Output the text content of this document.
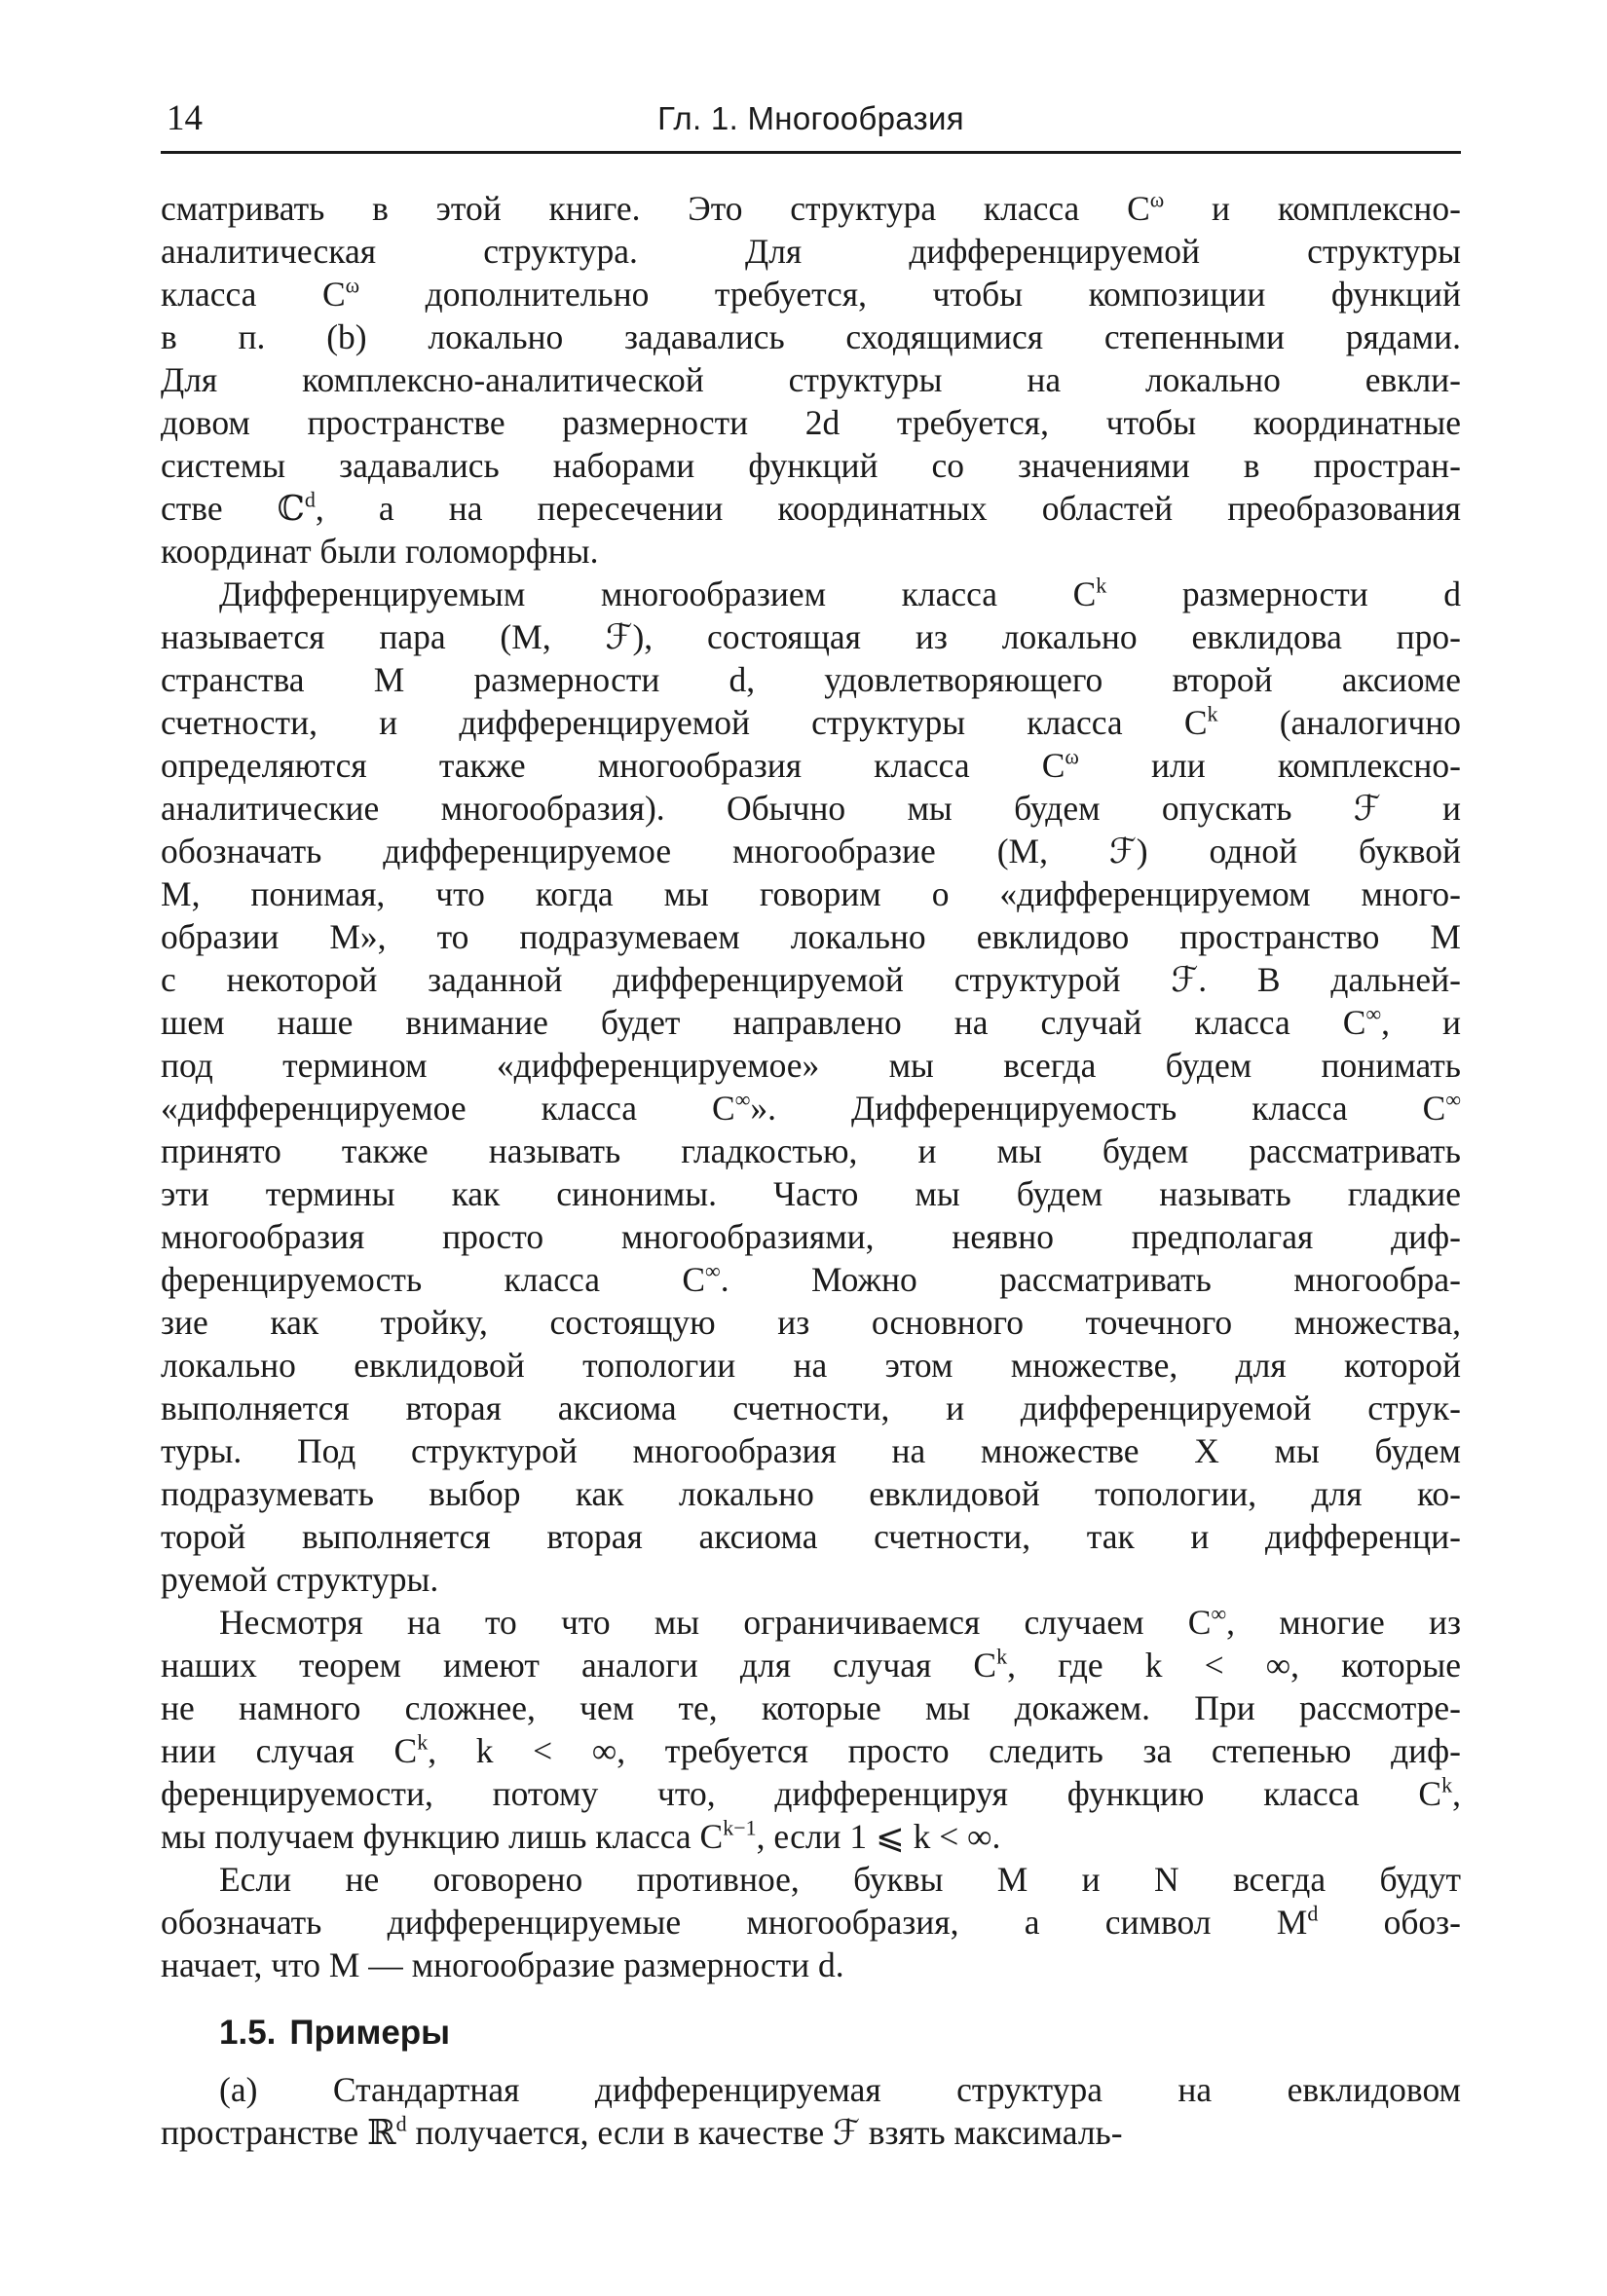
14	Гл. 1. Многообразия
сматривать в этой книге. Это структура класса $C^\omega$ и комплексно-
аналитическая структура. Для дифференцируемой структуры
класса $C^\omega$ дополнительно требуется, чтобы композиции функций
в п. (b) локально задавались сходящимися степенными рядами.
Для комплексно-аналитической структуры на локально евкли-
довом пространстве размерности 2d требуется, чтобы координатные
системы задавались наборами функций со значениями в простран-
стве ℂ$^d$, а на пересечении координатных областей преобразования
координат были голоморфны.
Дифференцируемым многообразием класса $C^k$ размерности d
называется пара (M, ℱ), состоящая из локально евклидова про-
странства M размерности d, удовлетворяющего второй аксиоме
счетности, и дифференцируемой структуры класса $C^k$ (аналогично
определяются также многообразия класса $C^\omega$ или комплексно-
аналитические многообразия). Обычно мы будем опускать ℱ и
обозначать дифференцируемое многообразие (M, ℱ) одной буквой
M, понимая, что когда мы говорим о «дифференцируемом много-
образии M», то подразумеваем локально евклидово пространство M
с некоторой заданной дифференцируемой структурой ℱ. В дальней-
шем наше внимание будет направлено на случай класса C∞, и
под термином «дифференцируемое» мы всегда будем понимать
«дифференцируемое класса C∞». Дифференцируемость класса C∞
принято также называть гладкостью, и мы будем рассматривать
эти термины как синонимы. Часто мы будем называть гладкие
многообразия просто многообразиями, неявно предполагая диф-
ференцируемость класса C∞. Можно рассматривать многообра-
зие как тройку, состоящую из основного точечного множества,
локально евклидовой топологии на этом множестве, для которой
выполняется вторая аксиома счетности, и дифференцируемой струк-
туры. Под структурой многообразия на множестве X мы будем
подразумевать выбор как локально евклидовой топологии, для ко-
торой выполняется вторая аксиома счетности, так и дифференци-
руемой структуры.
Несмотря на то что мы ограничиваемся случаем C∞, многие из
наших теорем имеют аналоги для случая $C^k$, где k < ∞, которые
не намного сложнее, чем те, которые мы докажем. При рассмотре-
нии случая $C^k$, k < ∞, требуется просто следить за степенью диф-
ференцируемости, потому что, дифференцируя функцию класса $C^k$,
мы получаем функцию лишь класса $C^{k-1}$, если 1 ⩽ k < ∞.
Если не оговорено противное, буквы M и N всегда будут
обозначать дифференцируемые многообразия, а символ $M^d$ обоз-
начает, что M — многообразие размерности d.
1.5. Примеры
(a) Стандартная дифференцируемая структура на евклидовом
пространстве ℝ$^d$ получается, если в качестве ℱ взять максималь-
